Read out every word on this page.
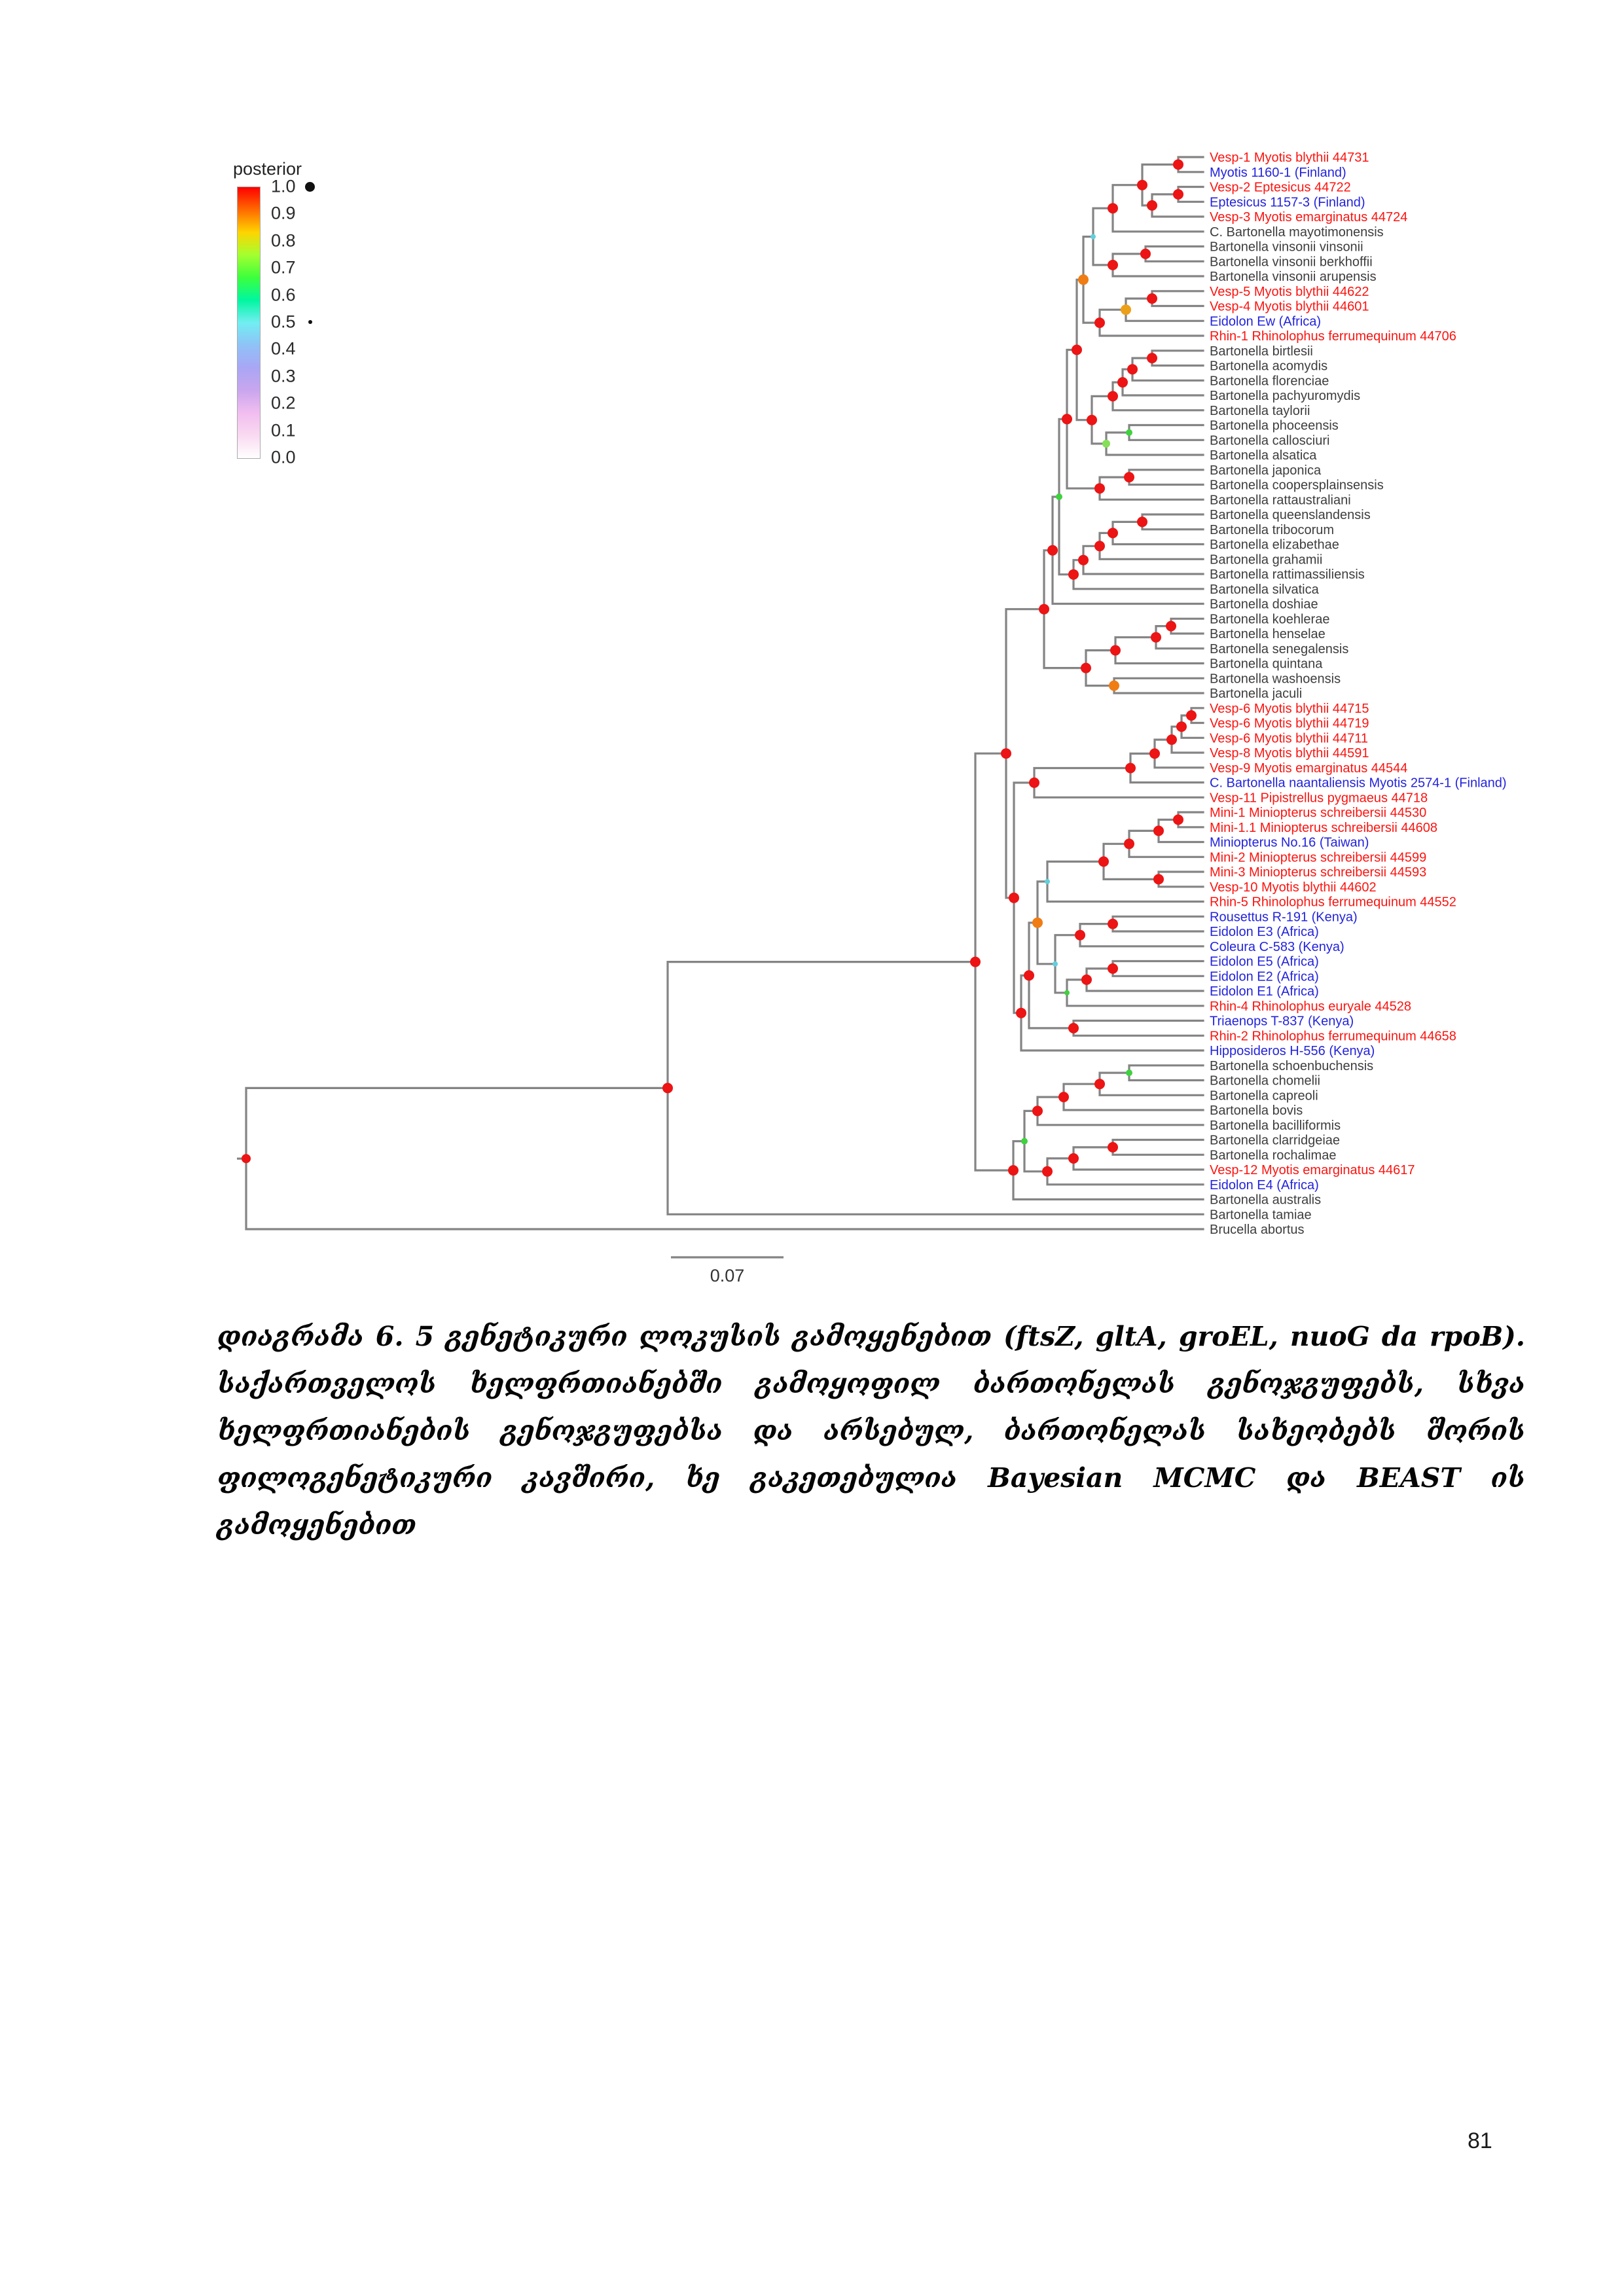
Vesp-1 Myotis blythii 44731
Myotis 1160-1 (Finland)
Vesp-2 Eptesicus 44722
Eptesicus 1157-3 (Finland)
Vesp-3 Myotis emarginatus 44724
C. Bartonella mayotimonensis
Bartonella vinsonii vinsonii
Bartonella vinsonii berkhoffii
Bartonella vinsonii arupensis
Vesp-5 Myotis blythii 44622
Vesp-4 Myotis blythii 44601
Eidolon Ew (Africa)
Rhin-1 Rhinolophus ferrumequinum 44706
Bartonella birtlesii
Bartonella acomydis
Bartonella florenciae
Bartonella pachyuromydis
Bartonella taylorii
Bartonella phoceensis
Bartonella callosciuri
Bartonella alsatica
Bartonella japonica
Bartonella coopersplainsensis
Bartonella rattaustraliani
Bartonella queenslandensis
Bartonella tribocorum
Bartonella elizabethae
Bartonella grahamii
Bartonella rattimassiliensis
Bartonella silvatica
Bartonella doshiae
Bartonella koehlerae
Bartonella henselae
Bartonella senegalensis
Bartonella quintana
Bartonella washoensis
Bartonella jaculi
Vesp-6 Myotis blythii 44715
Vesp-6 Myotis blythii 44719
Vesp-6 Myotis blythii 44711
Vesp-8 Myotis blythii 44591
Vesp-9 Myotis emarginatus 44544
C. Bartonella naantaliensis Myotis 2574-1 (Finland)
Vesp-11 Pipistrellus pygmaeus 44718
Mini-1 Miniopterus schreibersii 44530
Mini-1.1 Miniopterus schreibersii 44608
Miniopterus No.16 (Taiwan)
Mini-2 Miniopterus schreibersii 44599
Mini-3 Miniopterus schreibersii 44593
Vesp-10 Myotis blythii 44602
Rhin-5 Rhinolophus ferrumequinum 44552
Rousettus R-191 (Kenya)
Eidolon E3 (Africa)
Coleura C-583 (Kenya)
Eidolon E5 (Africa)
Eidolon E2 (Africa)
Eidolon E1 (Africa)
Rhin-4 Rhinolophus euryale 44528
Triaenops T-837 (Kenya)
Rhin-2 Rhinolophus ferrumequinum 44658
Hipposideros H-556 (Kenya)
Bartonella schoenbuchensis
Bartonella chomelii
Bartonella capreoli
Bartonella bovis
Bartonella bacilliformis
Bartonella clarridgeiae
Bartonella rochalimae
Vesp-12 Myotis emarginatus 44617
Eidolon E4 (Africa)
Bartonella australis
Bartonella tamiae
Brucella abortus
0.07
posterior
1.0
0.9
0.8
0.7
0.6
0.5
0.4
0.3
0.2
0.1
0.0
დიაგრამა 6. 5 გენეტიკური ლოკუსის გამოყენებით (ftsZ, gltA, groEL, nuoG da rpoB).
საქართველოს ხელფრთიანებში გამოყოფილ ბართონელას გენოჯგუფებს, სხვა
ხელფრთიანების გენოჯგუფებსა და არსებულ, ბართონელას სახეობებს შორის
ფილოგენეტიკური კავშირი, ხე გაკეთებულია Bayesian MCMC და BEAST ის
გამოყენებით
81
